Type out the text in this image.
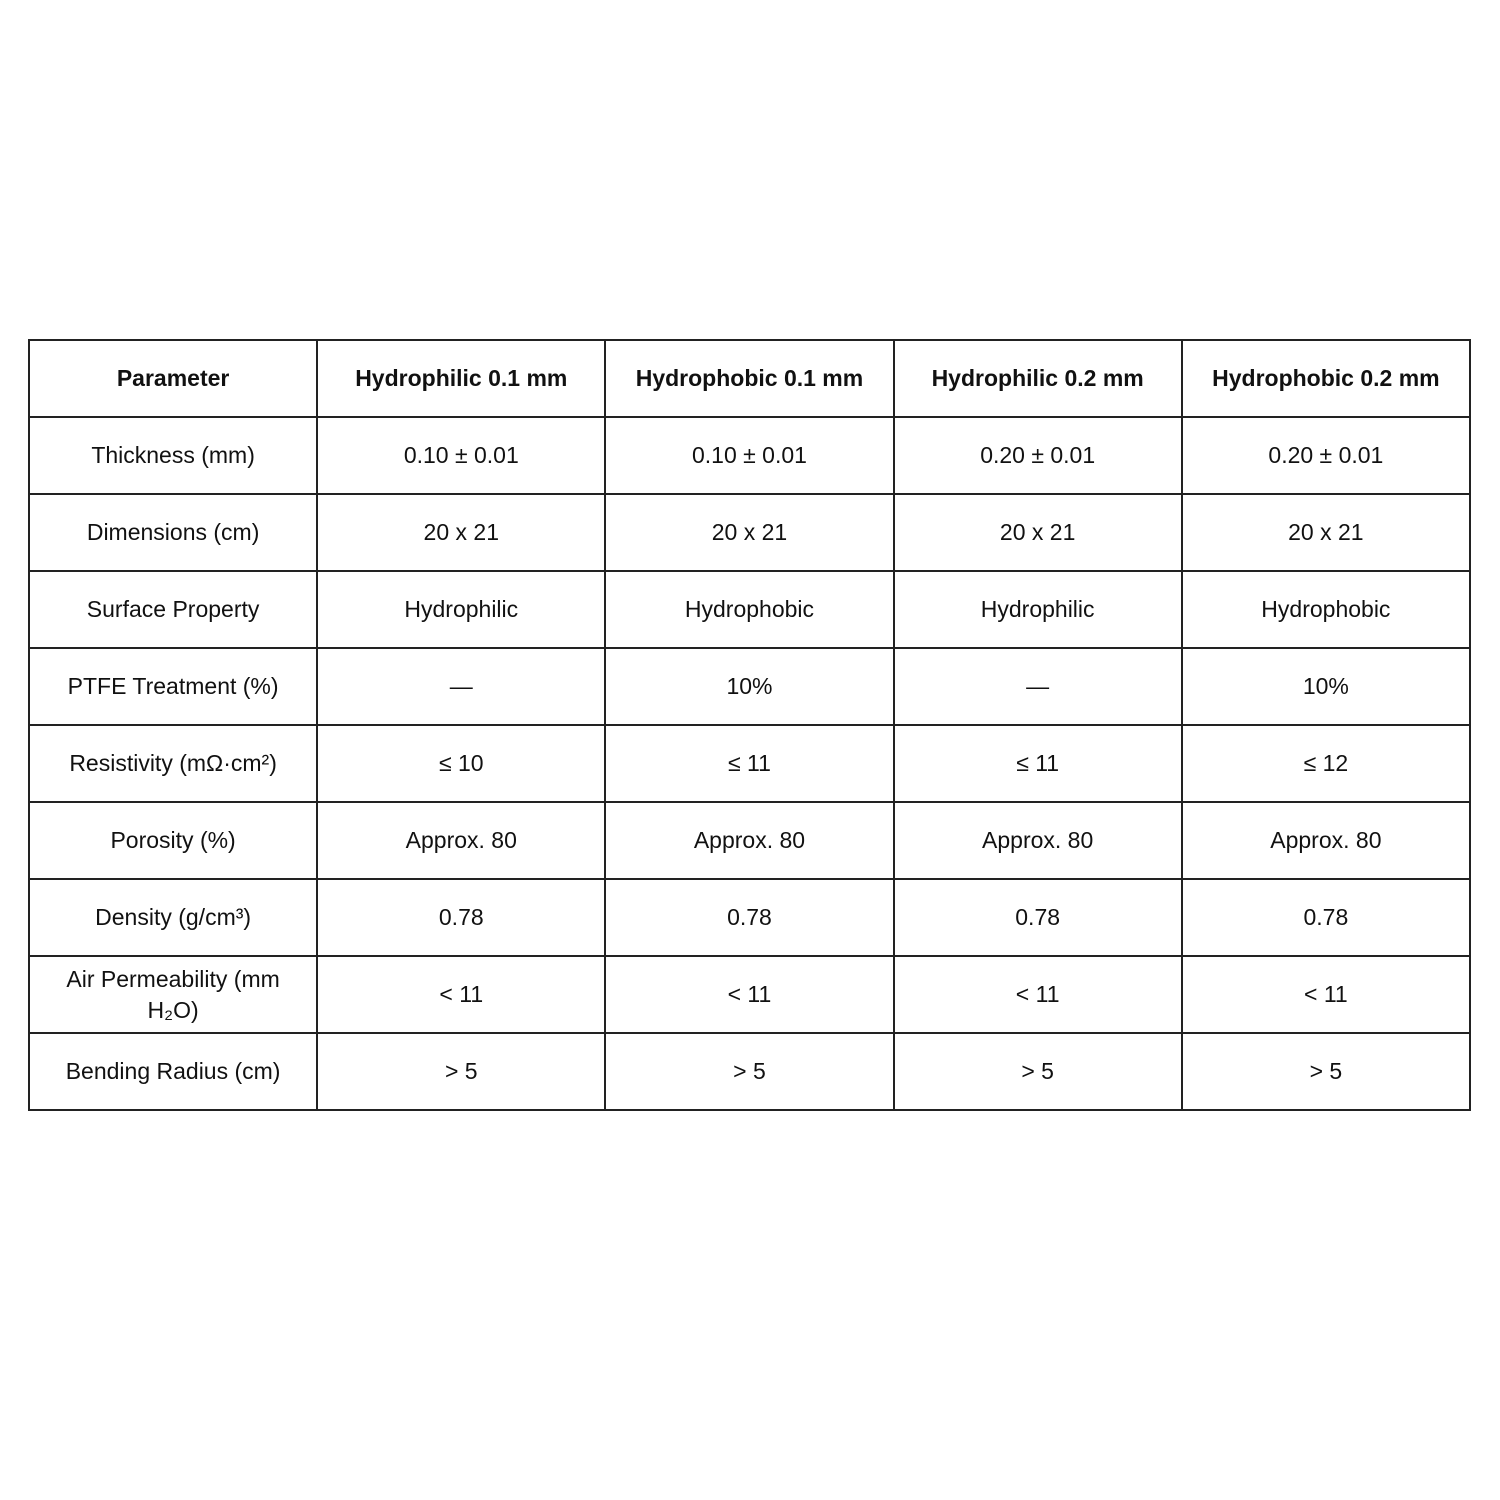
Parameter	Hydrophilic 0.1 mm	Hydrophobic 0.1 mm	Hydrophilic 0.2 mm	Hydrophobic 0.2 mm
Thickness (mm)	0.10 ± 0.01	0.10 ± 0.01	0.20 ± 0.01	0.20 ± 0.01
Dimensions (cm)	20 x 21	20 x 21	20 x 21	20 x 21
Surface Property	Hydrophilic	Hydrophobic	Hydrophilic	Hydrophobic
PTFE Treatment (%)	—	10%	—	10%
Resistivity (mΩ·cm²)	≤ 10	≤ 11	≤ 11	≤ 12
Porosity (%)	Approx. 80	Approx. 80	Approx. 80	Approx. 80
Density (g/cm³)	0.78	0.78	0.78	0.78
Air Permeability (mm H₂O)	< 11	< 11	< 11	< 11
Bending Radius (cm)	> 5	> 5	> 5	> 5
